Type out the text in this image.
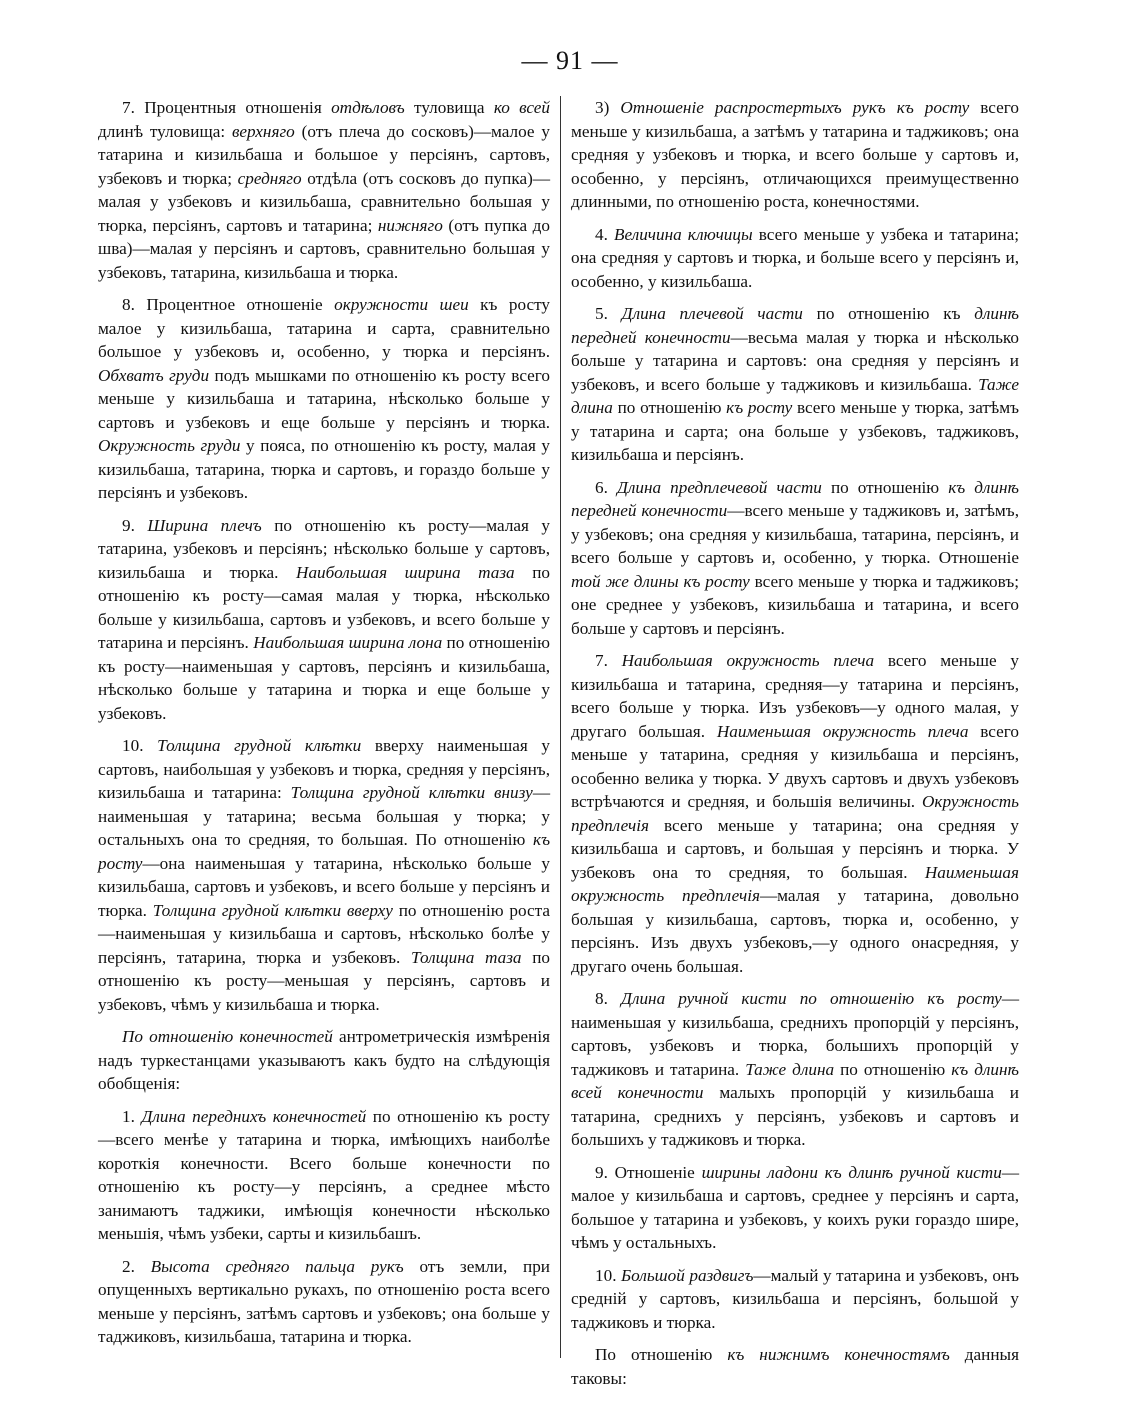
— 91 —

7. Процентныя отношенія отдѣловъ туловища ко всей длинѣ туловища: верхняго (отъ плеча до сосковъ)—малое у татарина и кизильбаша и большое у персіянъ, сартовъ, узбековъ и тюрка; средняго отдѣла (отъ сосковъ до пупка)—малая у узбековъ и кизильбаша, сравнительно большая у тюрка, персіянъ, сартовъ и татарина; нижняго (отъ пупка до шва)—малая у персіянъ и сартовъ, сравнительно большая у узбековъ, татарина, кизильбаша и тюрка.

8. Процентное отношеніе окружности шеи къ росту малое у кизильбаша, татарина и сарта, сравнительно большое у узбековъ и, особенно, у тюрка и персіянъ. Обхватъ груди подъ мышками по отношенію къ росту всего меньше у кизильбаша и татарина, нѣсколько больше у сартовъ и узбековъ и еще больше у персіянъ и тюрка. Окружность груди у пояса, по отношенію къ росту, малая у кизильбаша, татарина, тюрка и сартовъ, и гораздо больше у персіянъ и узбековъ.

9. Ширина плечъ по отношенію къ росту—малая у татарина, узбековъ и персіянъ; нѣсколько больше у сартовъ, кизильбаша и тюрка. Наибольшая ширина таза по отношенію къ росту—самая малая у тюрка, нѣсколько больше у кизильбаша, сартовъ и узбековъ, и всего больше у татарина и персіянъ. Наибольшая ширина лона по отношенію къ росту—наименьшая у сартовъ, персіянъ и кизильбаша, нѣсколько больше у татарина и тюрка и еще больше у узбековъ.

10. Толщина грудной клѣтки вверху наименьшая у сартовъ, наибольшая у узбековъ и тюрка, средняя у персіянъ, кизильбаша и татарина: Толщина грудной клѣтки внизу—наименьшая у татарина; весьма большая у тюрка; у остальныхъ она то средняя, то большая. По отношенію къ росту—она наименьшая у татарина, нѣсколько больше у кизильбаша, сартовъ и узбековъ, и всего больше у персіянъ и тюрка. Толщина грудной клѣтки вверху по отношенію роста—наименьшая у кизильбаша и сартовъ, нѣсколько болѣе у персіянъ, татарина, тюрка и узбековъ. Толщина таза по отношенію къ росту—меньшая у персіянъ, сартовъ и узбековъ, чѣмъ у кизильбаша и тюрка.

По отношенію конечностей антрометрическія измѣренія надъ туркестанцами указываютъ какъ будто на слѣдующія обобщенія:

1. Длина переднихъ конечностей по отношенію къ росту—всего менѣе у татарина и тюрка, имѣющихъ наиболѣе короткія конечности. Всего больше конечности по отношенію къ росту—у персіянъ, а среднее мѣсто занимаютъ таджики, имѣющія конечности нѣсколько меньшія, чѣмъ узбеки, сарты и кизильбашъ.

2. Высота средняго пальца рукъ отъ земли, при опущенныхъ вертикально рукахъ, по отношенію роста всего меньше у персіянъ, затѣмъ сартовъ и узбековъ; она больше у таджиковъ, кизильбаша, татарина и тюрка.

3) Отношеніе распростертыхъ рукъ къ росту всего меньше у кизильбаша, а затѣмъ у татарина и таджиковъ; она средняя у узбековъ и тюрка, и всего больше у сартовъ и, особенно, у персіянъ, отличающихся преимущественно длинными, по отношенію роста, конечностями.

4. Величина ключицы всего меньше у узбека и татарина; она средняя у сартовъ и тюрка, и больше всего у персіянъ и, особенно, у кизильбаша.

5. Длина плечевой части по отношенію къ длинѣ передней конечности—весьма малая у тюрка и нѣсколько больше у татарина и сартовъ: она средняя у персіянъ и узбековъ, и всего больше у таджиковъ и кизильбаша. Таже длина по отношенію къ росту всего меньше у тюрка, затѣмъ у татарина и сарта; она больше у узбековъ, таджиковъ, кизильбаша и персіянъ.

6. Длина предплечевой части по отношенію къ длинѣ передней конечности—всего меньше у таджиковъ и, затѣмъ, у узбековъ; она средняя у кизильбаша, татарина, персіянъ, и всего больше у сартовъ и, особенно, у тюрка. Отношеніе той же длины къ росту всего меньше у тюрка и таджиковъ; оне среднее у узбековъ, кизильбаша и татарина, и всего больше у сартовъ и персіянъ.

7. Наибольшая окружность плеча всего меньше у кизильбаша и татарина, средняя—у татарина и персіянъ, всего больше у тюрка. Изъ узбековъ—у одного малая, у другаго большая. Наименьшая окружность плеча всего меньше у татарина, средняя у кизильбаша и персіянъ, особенно велика у тюрка. У двухъ сартовъ и двухъ узбековъ встрѣчаются и средняя, и большія величины. Окружность предплечія всего меньше у татарина; она средняя у кизильбаша и сартовъ, и большая у персіянъ и тюрка. У узбековъ она то средняя, то большая. Наименьшая окружность предплечія—малая у татарина, довольно большая у кизильбаша, сартовъ, тюрка и, особенно, у персіянъ. Изъ двухъ узбековъ,—у одного онасредняя, у другаго очень большая.

8. Длина ручной кисти по отношенію къ росту—наименьшая у кизильбаша, среднихъ пропорцій у персіянъ, сартовъ, узбековъ и тюрка, большихъ пропорцій у таджиковъ и татарина. Таже длина по отношенію къ длинѣ всей конечности малыхъ пропорцій у кизильбаша и татарина, среднихъ у персіянъ, узбековъ и сартовъ и большихъ у таджиковъ и тюрка.

9. Отношеніе ширины ладони къ длинѣ ручной кисти—малое у кизильбаша и сартовъ, среднее у персіянъ и сарта, большое у татарина и узбековъ, у коихъ руки гораздо шире, чѣмъ у остальныхъ.

10. Большой раздвигъ—малый у татарина и узбековъ, онъ средній у сартовъ, кизильбаша и персіянъ, большой у таджиковъ и тюрка.

По отношенію къ нижнимъ конечностямъ данныя таковы:
